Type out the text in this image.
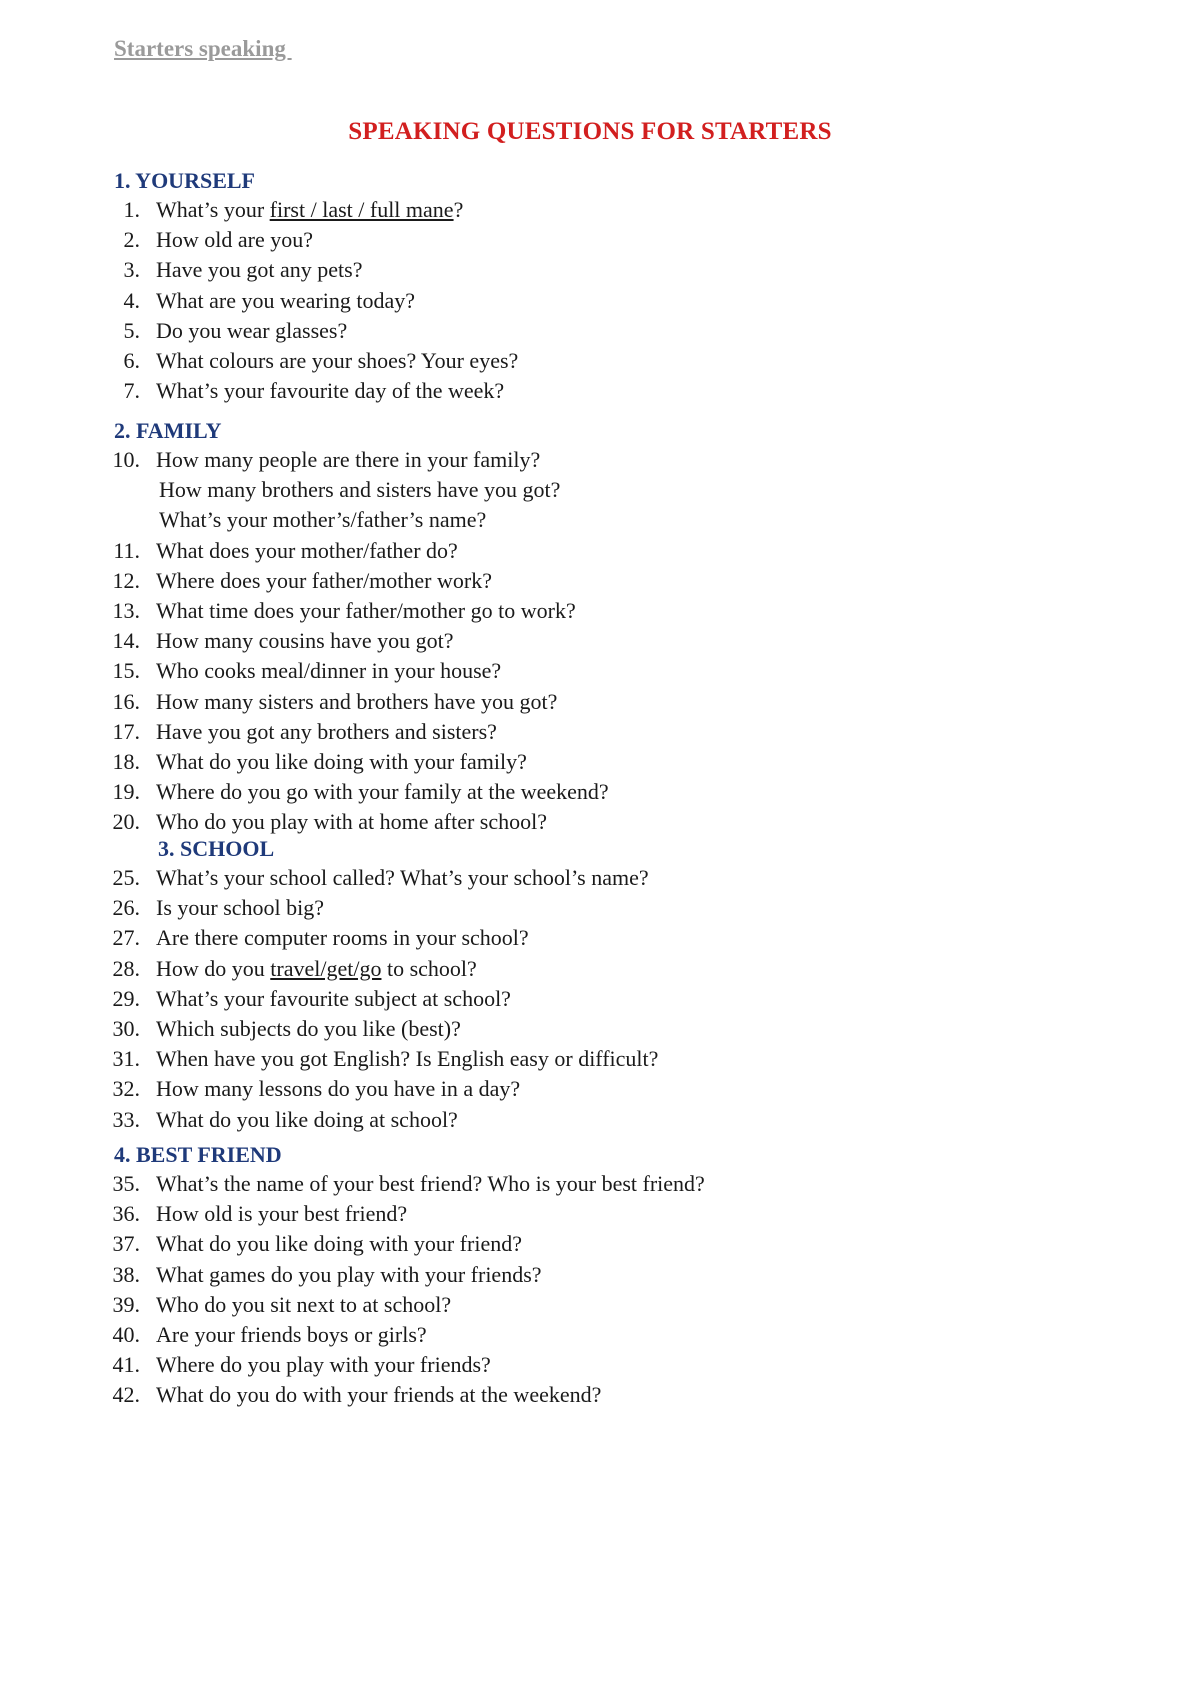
Starters speaking
SPEAKING QUESTIONS FOR STARTERS
1. YOURSELF
1. What’s your first / last / full mane?
2. How old are you?
3. Have you got any pets?
4. What are you wearing today?
5. Do you wear glasses?
6. What colours are your shoes? Your eyes?
7. What’s your favourite day of the week?
2. FAMILY
10. How many people are there in your family?
How many brothers and sisters have you got?
What’s your mother’s/father’s name?
11. What does your mother/father do?
12. Where does your father/mother work?
13. What time does your father/mother go to work?
14. How many cousins have you got?
15. Who cooks meal/dinner in your house?
16. How many sisters and brothers have you got?
17. Have you got any brothers and sisters?
18. What do you like doing with your family?
19. Where do you go with your family at the weekend?
20. Who do you play with at home after school?
3. SCHOOL
25. What’s your school called? What’s your school’s name?
26. Is your school big?
27. Are there computer rooms in your school?
28. How do you travel/get/go to school?
29. What’s your favourite subject at school?
30. Which subjects do you like (best)?
31. When have you got English? Is English easy or difficult?
32. How many lessons do you have in a day?
33. What do you like doing at school?
4. BEST FRIEND
35. What’s the name of your best friend? Who is your best friend?
36. How old is your best friend?
37. What do you like doing with your friend?
38. What games do you play with your friends?
39. Who do you sit next to at school?
40. Are your friends boys or girls?
41. Where do you play with your friends?
42. What do you do with your friends at the weekend?
